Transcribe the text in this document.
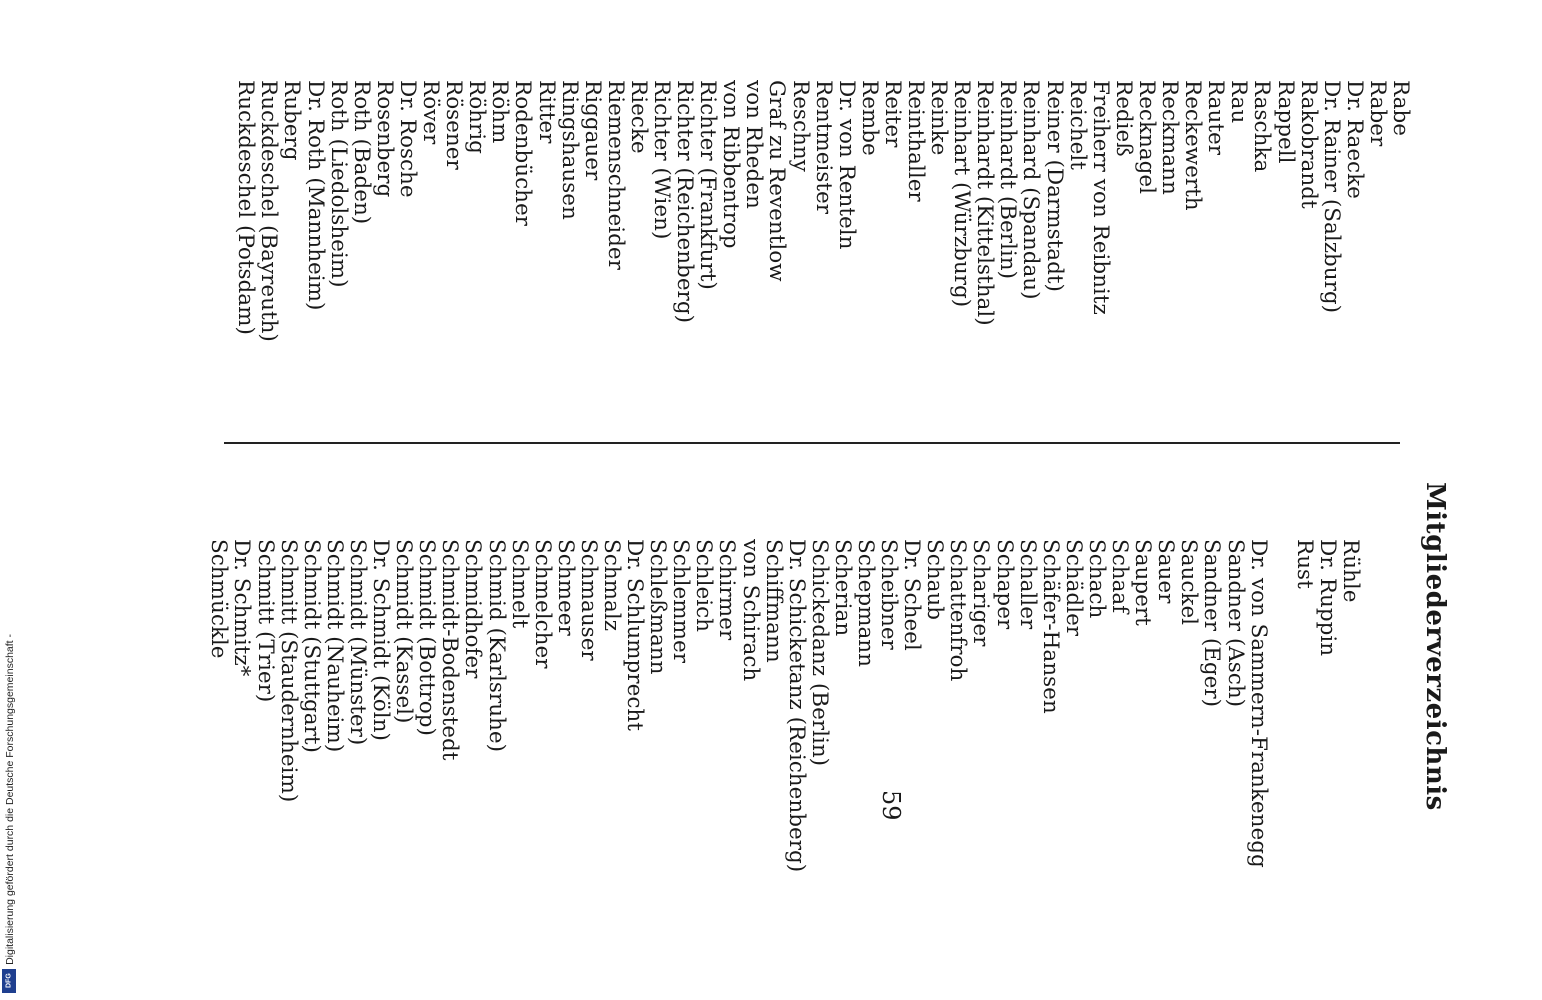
Mitgliederverzeichnis
Rabe
Raber
Dr. Raecke
Dr. Rainer (Salzburg)
Rakobrandt
Rappell
Raschka
Rau
Rauter
Reckewerth
Reckmann
Recknagel
Redieß
Freiherr von Reibnitz
Reichelt
Reiner (Darmstadt)
Reinhard (Spandau)
Reinhardt (Berlin)
Reinhardt (Kittelsthal)
Reinhart (Würzburg)
Reinke
Reinthaller
Reiter
Rembe
Dr. von Renteln
Rentmeister
Reschny
Graf zu Reventlow
von Rheden
von Ribbentrop
Richter (Frankfurt)
Richter (Reichenberg)
Richter (Wien)
Riecke
Riemenschneider
Riggauer
Ringshausen
Ritter
Rodenbücher
Röhm
Röhrig
Rösener
Röver
Dr. Rosche
Rosenberg
Roth (Baden)
Roth (Liedolsheim)
Dr. Roth (Mannheim)
Ruberg
Ruckdeschel (Bayreuth)
Ruckdeschel (Potsdam)
Rühle
Dr. Ruppin
Rust

Dr. von Sammern-Frankenegg
Sandner (Asch)
Sandner (Eger)
Sauckel
Sauer
Saupert
Schaaf
Schach
Schädler
Schäfer-Hansen
Schaller
Schaper
Schariger
Schattenfroh
Schaub
Dr. Scheel
Scheibner
Schepmann
Scherian
Schickedanz (Berlin)
Dr. Schicketanz (Reichenberg)
Schiffmann
von Schirach
Schirmer
Schleich
Schlemmer
Schleßmann
Dr. Schlumprecht
Schmalz
Schmauser
Schmeer
Schmelcher
Schmelt
Schmid (Karlsruhe)
Schmidhofer
Schmidt-Bodenstedt
Schmidt (Bottrop)
Schmidt (Kassel)
Dr. Schmidt (Köln)
Schmidt (Münster)
Schmidt (Nauheim)
Schmidt (Stuttgart)
Schmitt (Staudernheim)
Schmitt (Trier)
Dr. Schmitz*
Schmückle
59
Digitalisierung gefördert durch die Deutsche Forschungsgemeinschaft -
DFG
